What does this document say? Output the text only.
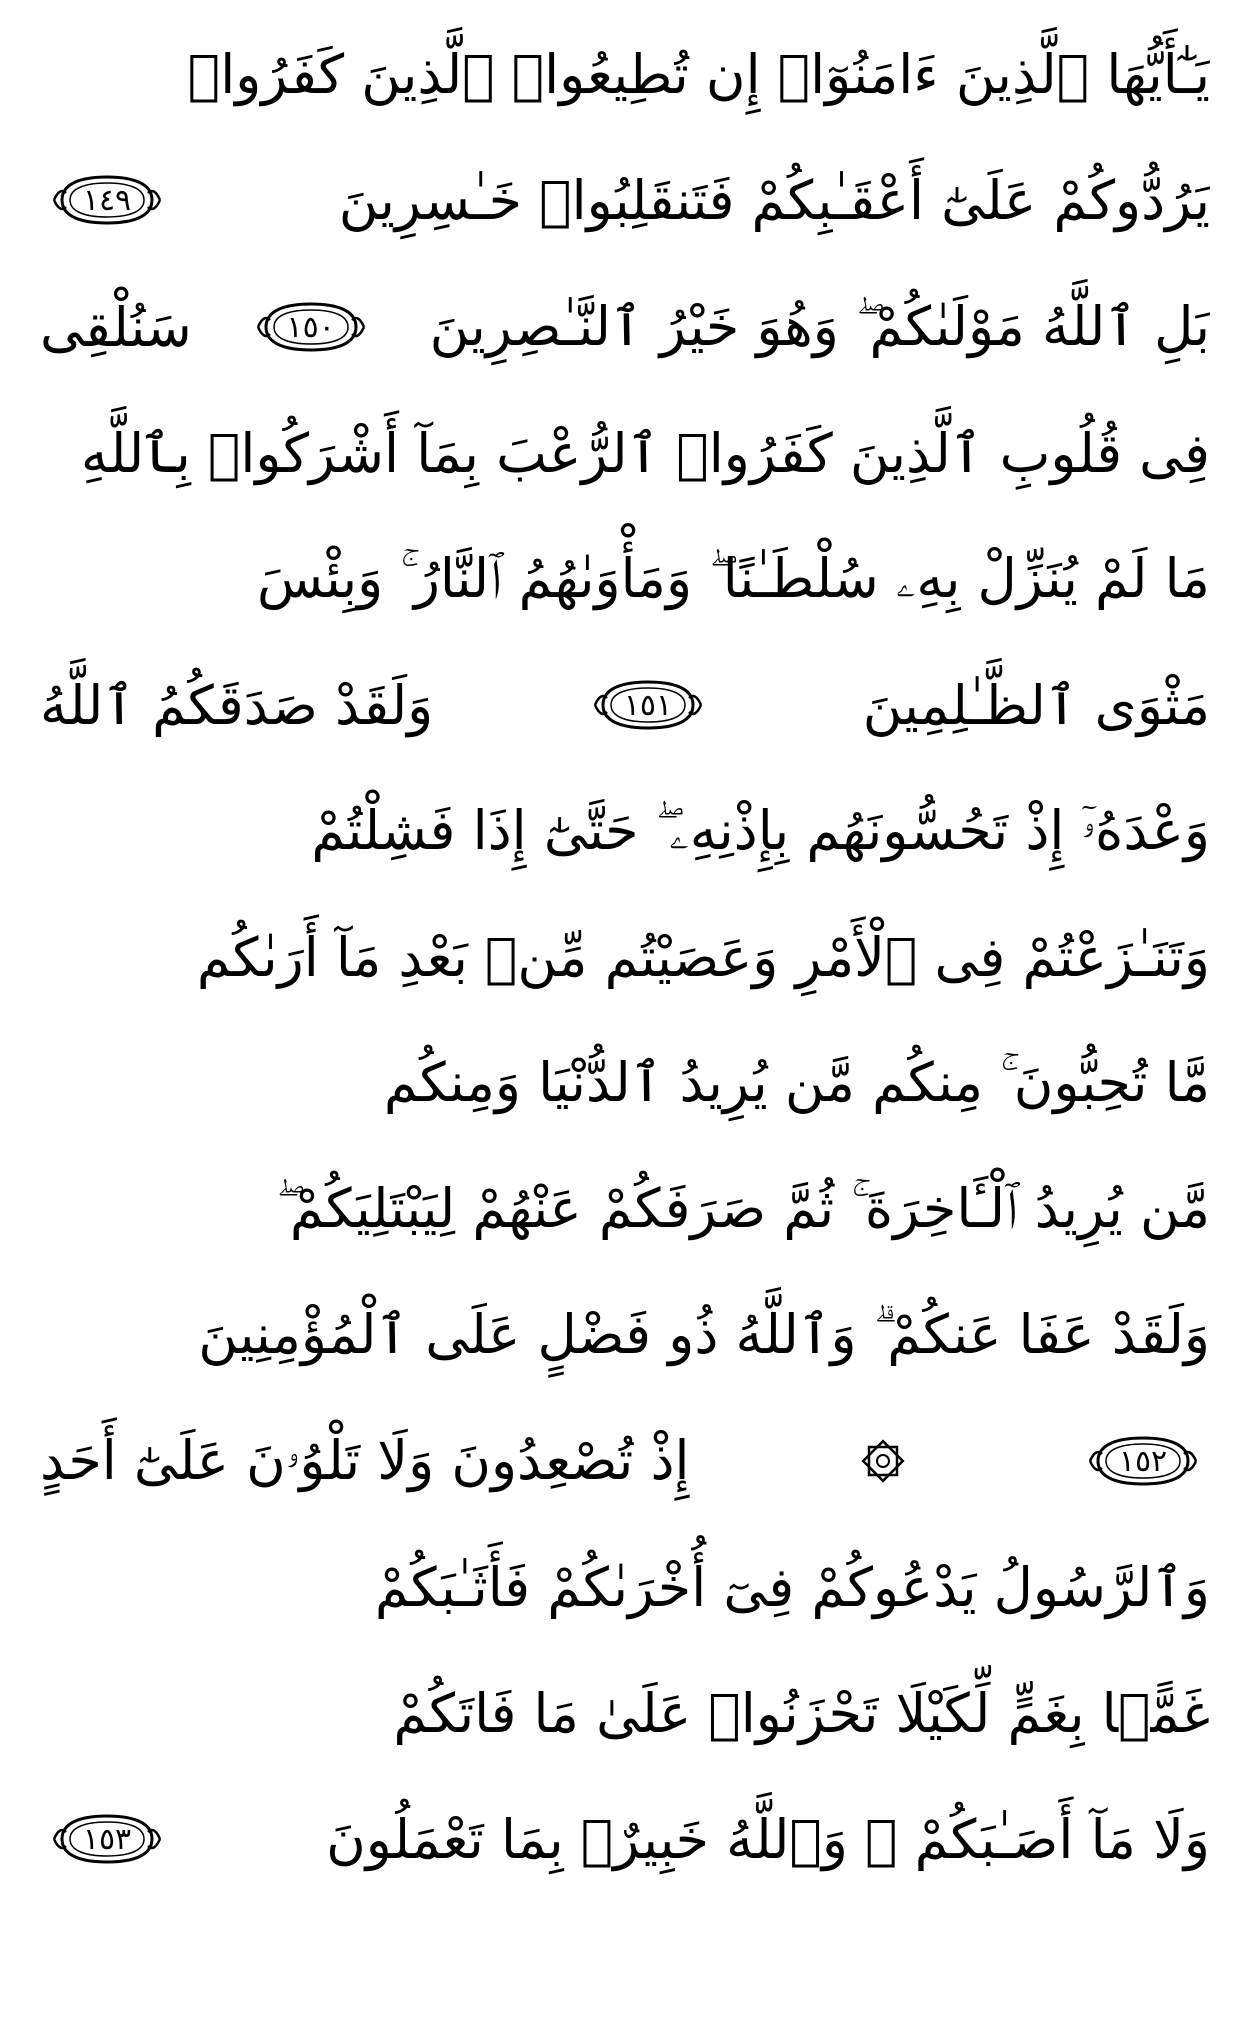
يَـٰٓأَيُّهَا ٱلَّذِينَ ءَامَنُوٓا۟ إِن تُطِيعُوا۟ ٱلَّذِينَ كَفَرُوا۟
يَرُدُّوكُمْ عَلَىٰٓ أَعْقَـٰبِكُمْ فَتَنقَلِبُوا۟ خَـٰسِرِينَ
١٤٩
بَلِ ٱللَّهُ مَوْلَىٰكُمْ ۖ وَهُوَ خَيْرُ ٱلنَّـٰصِرِينَ
١٥٠
سَنُلْقِى
فِى قُلُوبِ ٱلَّذِينَ كَفَرُوا۟ ٱلرُّعْبَ بِمَآ أَشْرَكُوا۟ بِٱللَّهِ
مَا لَمْ يُنَزِّلْ بِهِۦ سُلْطَـٰنًا ۖ وَمَأْوَىٰهُمُ ٱلنَّارُ ۚ وَبِئْسَ
مَثْوَى ٱلظَّـٰلِمِينَ
١٥١
وَلَقَدْ صَدَقَكُمُ ٱللَّهُ
وَعْدَهُۥٓ إِذْ تَحُسُّونَهُم بِإِذْنِهِۦ ۖ حَتَّىٰٓ إِذَا فَشِلْتُمْ
وَتَنَـٰزَعْتُمْ فِى ٱلْأَمْرِ وَعَصَيْتُم مِّنۢ بَعْدِ مَآ أَرَىٰكُم
مَّا تُحِبُّونَ ۚ مِنكُم مَّن يُرِيدُ ٱلدُّنْيَا وَمِنكُم
مَّن يُرِيدُ ٱلْـَٔاخِرَةَ ۚ ثُمَّ صَرَفَكُمْ عَنْهُمْ لِيَبْتَلِيَكُمْ ۖ
وَلَقَدْ عَفَا عَنكُمْ ۗ وَٱللَّهُ ذُو فَضْلٍ عَلَى ٱلْمُؤْمِنِينَ
١٥٢
إِذْ تُصْعِدُونَ وَلَا تَلْوُۥنَ عَلَىٰٓ أَحَدٍ
وَٱلرَّسُولُ يَدْعُوكُمْ فِىٓ أُخْرَىٰكُمْ فَأَثَـٰبَكُمْ
غَمًّۢا بِغَمٍّ لِّكَيْلَا تَحْزَنُوا۟ عَلَىٰ مَا فَاتَكُمْ
وَلَا مَآ أَصَـٰبَكُمْ ۗ وَٱللَّهُ خَبِيرٌۢ بِمَا تَعْمَلُونَ
١٥٣
